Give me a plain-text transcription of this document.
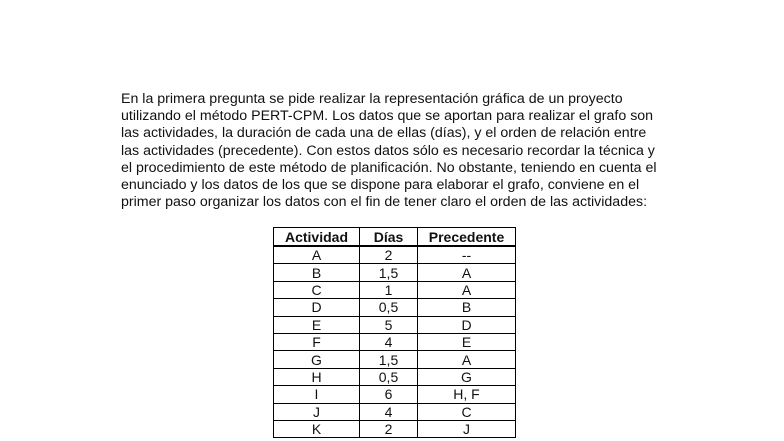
En la primera pregunta se pide realizar la representación gráfica de un proyecto
utilizando el método PERT-CPM. Los datos que se aportan para realizar el grafo son
las actividades, la duración de cada una de ellas (días), y el orden de relación entre
las actividades (precedente). Con estos datos sólo es necesario recordar la técnica y
el procedimiento de este método de planificación. No obstante, teniendo en cuenta el
enunciado y los datos de los que se dispone para elaborar el grafo, conviene en el
primer paso organizar los datos con el fin de tener claro el orden de las actividades:

Actividad	Días	Precedente
A	2	--
B	1,5	A
C	1	A
D	0,5	B
E	5	D
F	4	E
G	1,5	A
H	0,5	G
I	6	H, F
J	4	C
K	2	J
